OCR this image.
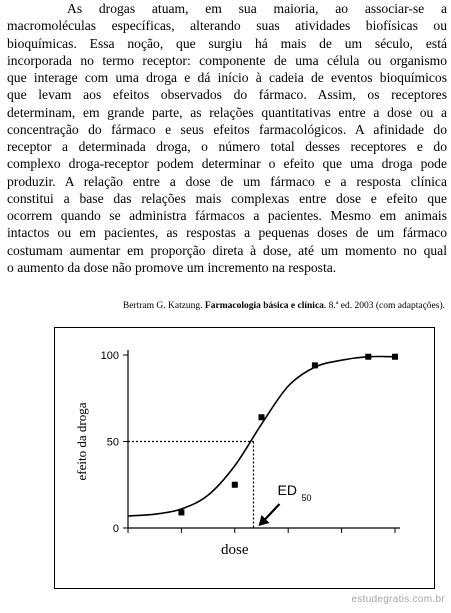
As drogas atuam, em sua maioria, ao associar-se a
macromoléculas específicas, alterando suas atividades biofísicas ou
bioquímicas. Essa noção, que surgiu há mais de um século, está
incorporada no termo receptor: componente de uma célula ou organismo
que interage com uma droga e dá início à cadeia de eventos bioquímicos
que levam aos efeitos observados do fármaco. Assim, os receptores
determinam, em grande parte, as relações quantitativas entre a dose ou a
concentração do fármaco e seus efeitos farmacológicos. A afinidade do
receptor a determinada droga, o número total desses receptores e do
complexo droga-receptor podem determinar o efeito que uma droga pode
produzir. A relação entre a dose de um fármaco e a resposta clínica
constitui a base das relações mais complexas entre dose e efeito que
ocorrem quando se administra fármacos a pacientes. Mesmo em animais
intactos ou em pacientes, as respostas a pequenas doses de um fármaco
costumam aumentar em proporção direta à dose, até um momento no qual
o aumento da dose não promove um incremento na resposta.
Bertram G. Katzung. Farmacologia básica e clínica. 8.ª ed. 2003 (com adaptações).
0
50
100
efeito da droga
dose
ED 50
estudegratis.com.br
